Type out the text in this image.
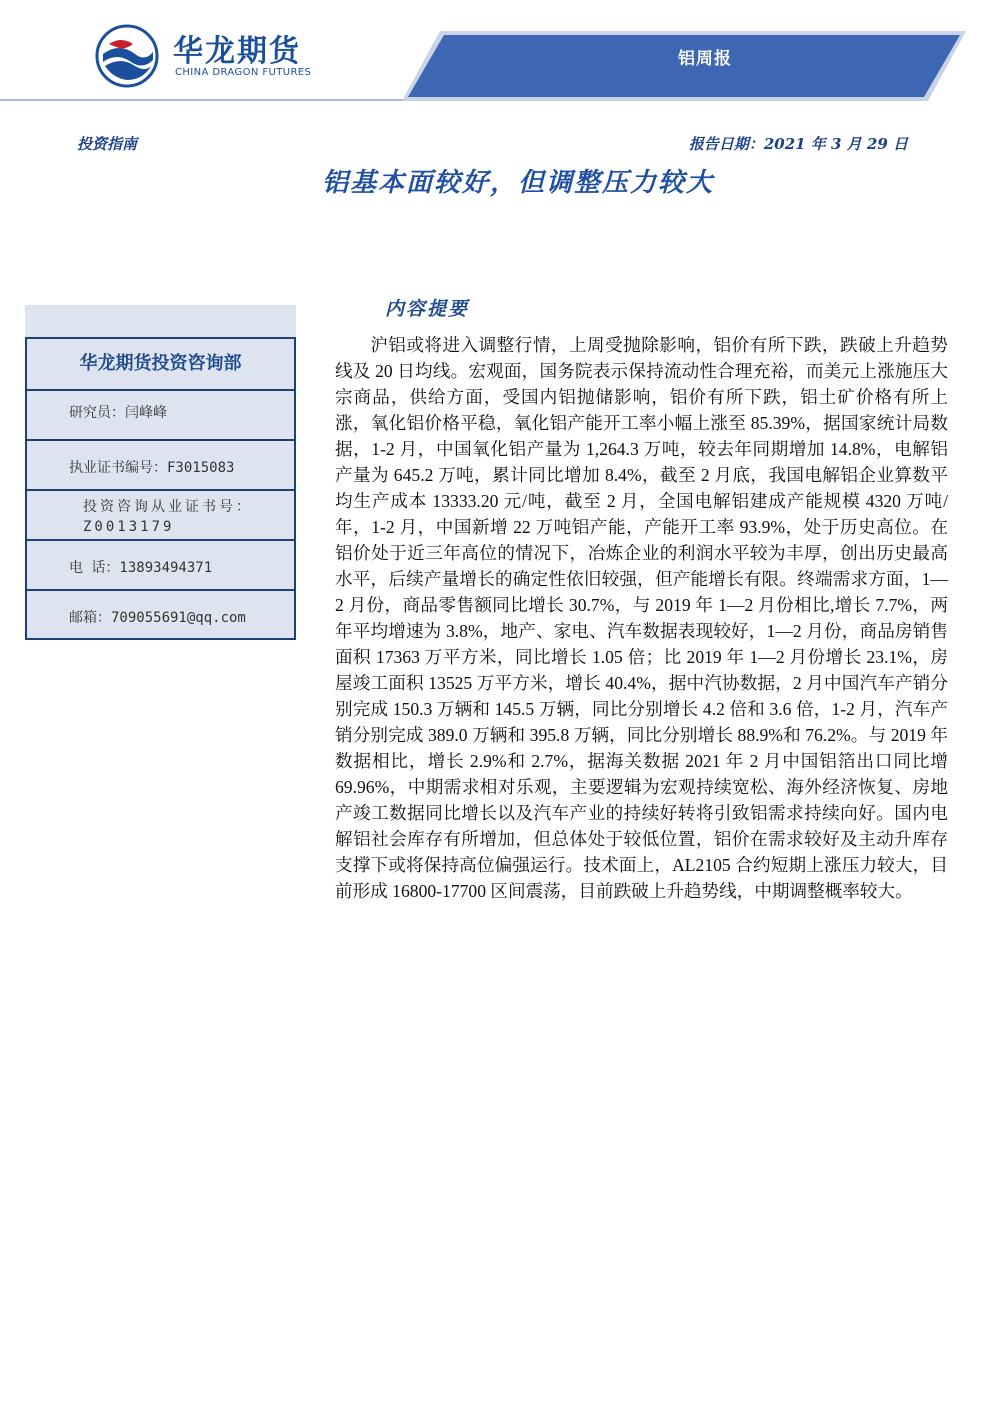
华龙期货
CHINA DRAGON FUTURES
铝周报
投资指南	报告日期：2021 年 3 月 29 日
铝基本面较好，但调整压力较大
华龙期货投资咨询部
研究员：闫峰峰
执业证书编号：F3015083
投资咨询从业证书号：Z0013179
电 话：13893494371
邮箱：709055691@qq.com
内容提要
沪铝或将进入调整行情，上周受抛除影响，铝价有所下跌，跌破上升趋势线及 20 日均线。宏观面，国务院表示保持流动性合理充裕，而美元上涨施压大宗商品，供给方面，受国内铝抛储影响，铝价有所下跌，铝土矿价格有所上涨，氧化铝价格平稳，氧化铝产能开工率小幅上涨至 85.39%，据国家统计局数据，1-2 月，中国氧化铝产量为 1,264.3 万吨，较去年同期增加 14.8%，电解铝产量为 645.2 万吨，累计同比增加 8.4%，截至 2 月底，我国电解铝企业算数平均生产成本 13333.20 元/吨，截至 2 月，全国电解铝建成产能规模 4320 万吨/年，1-2 月，中国新增 22 万吨铝产能，产能开工率 93.9%，处于历史高位。在铝价处于近三年高位的情况下，冶炼企业的利润水平较为丰厚，创出历史最高水平，后续产量增长的确定性依旧较强，但产能增长有限。终端需求方面，1—2 月份，商品零售额同比增长 30.7%，与 2019 年 1—2 月份相比,增长 7.7%，两年平均增速为 3.8%，地产、家电、汽车数据表现较好，1—2 月份，商品房销售面积 17363 万平方米，同比增长 1.05 倍；比 2019 年 1—2 月份增长 23.1%，房屋竣工面积 13525 万平方米，增长 40.4%，据中汽协数据，2 月中国汽车产销分别完成 150.3 万辆和 145.5 万辆，同比分别增长 4.2 倍和 3.6 倍，1-2 月，汽车产销分别完成 389.0 万辆和 395.8 万辆，同比分别增长 88.9%和 76.2%。与 2019 年数据相比，增长 2.9%和 2.7%，据海关数据 2021 年 2 月中国铝箔出口同比增 69.96%，中期需求相对乐观，主要逻辑为宏观持续宽松、海外经济恢复、房地产竣工数据同比增长以及汽车产业的持续好转将引致铝需求持续向好。国内电解铝社会库存有所增加，但总体处于较低位置，铝价在需求较好及主动升库存支撑下或将保持高位偏强运行。技术面上，AL2105 合约短期上涨压力较大，目前形成 16800-17700 区间震荡，目前跌破上升趋势线，中期调整概率较大。
